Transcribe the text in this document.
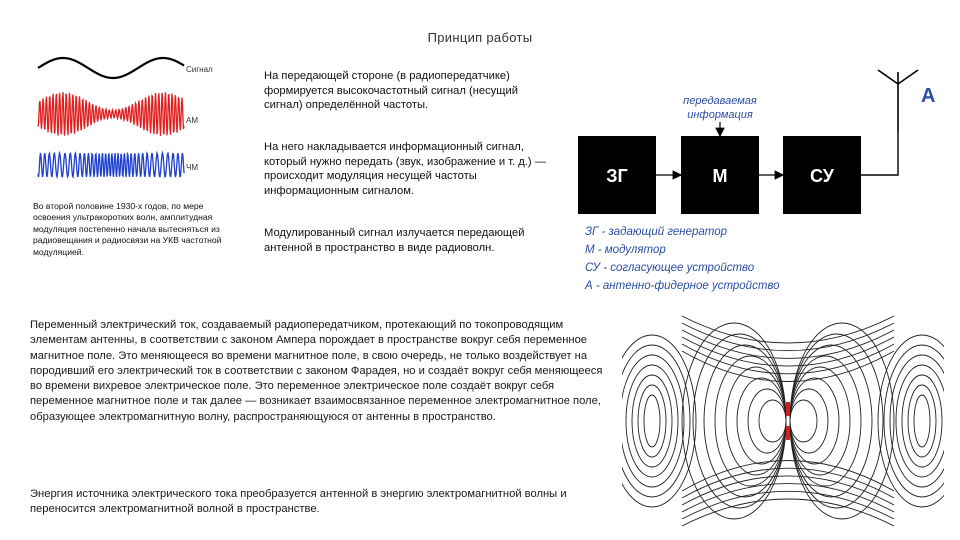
Принцип работы
Сигнал
АМ
ЧМ
Во второй половине 1930-х годов, по мере освоения ультракоротких волн, амплитудная модуляция постепенно начала вытесняться из радиовещания и радиосвязи на УКВ частотной модуляцией.
На передающей стороне (в радиопередатчике) формируется высокочастотный сигнал (несущий сигнал) определённой частоты.
На него накладывается информационный сигнал, который нужно передать (звук, изображение и т. д.) — происходит модуляция несущей частоты информационным сигналом.
Модулированный сигнал излучается передающей антенной в пространство в виде радиоволн.
А
передаваемая
информация
ЗГ	М	СУ
ЗГ - задающий генератор
М - модулятор
СУ - согласующее устройство
А - антенно-фидерное устройство
Переменный электрический ток, создаваемый радиопередатчиком, протекающий по токопроводящим элементам антенны, в соответствии с законом Ампера порождает в пространстве вокруг себя переменное магнитное поле. Это меняющееся во времени магнитное поле, в свою очередь, не только воздействует на породивший его электрический ток в соответствии с законом Фарадея, но и создаёт вокруг себя меняющееся во времени вихревое электрическое поле. Это переменное электрическое поле создаёт вокруг себя переменное магнитное поле и так далее — возникает взаимосвязанное переменное электромагнитное поле, образующее электромагнитную волну, распространяющуюся от антенны в пространство.
Энергия источника электрического тока преобразуется антенной в энергию электромагнитной волны и переносится электромагнитной волной в пространстве.
